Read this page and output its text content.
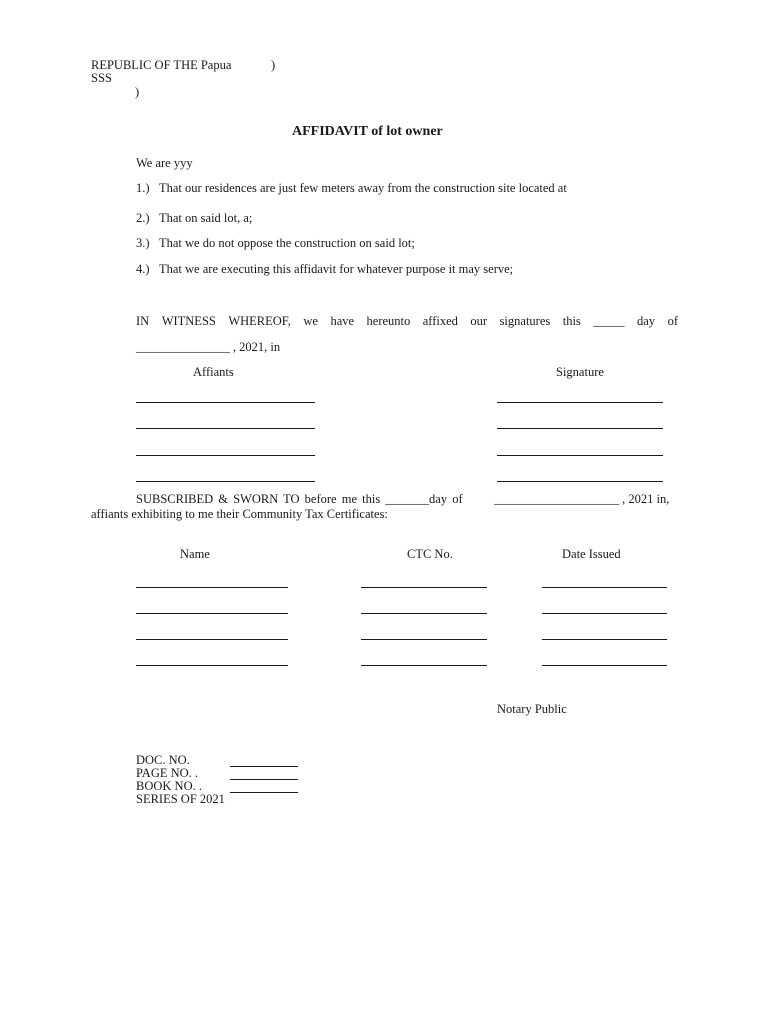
REPUBLIC OF THE Papua	)
SSS
)
AFFIDAVIT of lot owner
We are yyy
1.) That our residences are just few meters away from the construction site located at
2.) That on said lot, a;
3.) That we do not oppose the construction on said lot;
4.) That we are executing this affidavit for whatever purpose it may serve;
IN WITNESS WHEREOF, we have hereunto affixed our signatures this _____ day of
_______________ , 2021, in
Affiants	Signature
SUBSCRIBED & SWORN TO before me this _______day of	____________________ , 2021 in,
affiants exhibiting to me their Community Tax Certificates:
Name	CTC No.	Date Issued
Notary Public
DOC. NO.
PAGE NO. .
BOOK NO. .
SERIES OF 2021
